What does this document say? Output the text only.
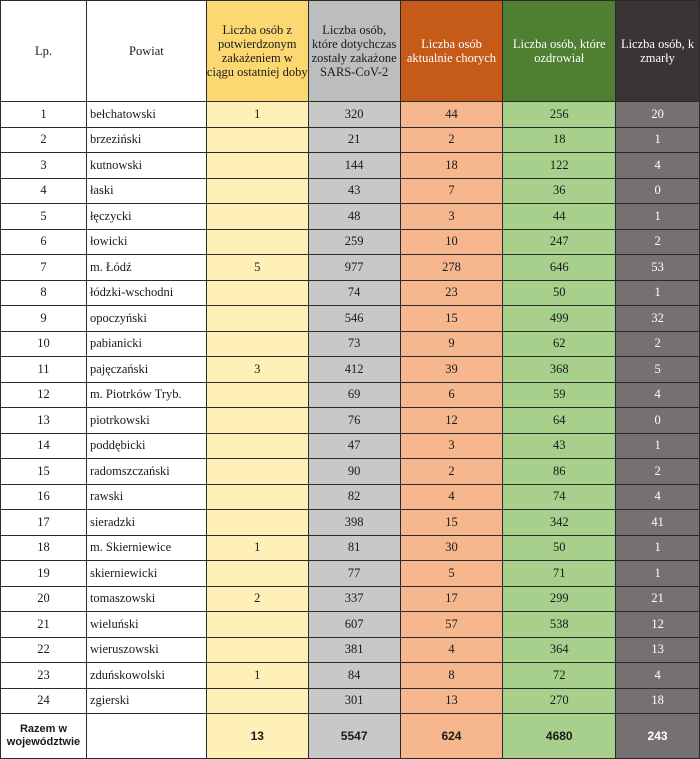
Lp.	Powiat	Liczba osób z potwierdzonym zakażeniem w ciągu ostatniej doby	Liczba osób, które dotychczas zostały zakażone SARS-CoV-2	Liczba osób aktualnie chorych	Liczba osób, które ozdrowiał	Liczba osób, k zmarły
1	bełchatowski	1	320	44	256	20
2	brzeziński		21	2	18	1
3	kutnowski		144	18	122	4
4	łaski		43	7	36	0
5	łęczycki		48	3	44	1
6	łowicki		259	10	247	2
7	m. Łódź	5	977	278	646	53
8	łódzki-wschodni		74	23	50	1
9	opoczyński		546	15	499	32
10	pabianicki		73	9	62	2
11	pajęczański	3	412	39	368	5
12	m. Piotrków Tryb.		69	6	59	4
13	piotrkowski		76	12	64	0
14	poddębicki		47	3	43	1
15	radomszczański		90	2	86	2
16	rawski		82	4	74	4
17	sieradzki		398	15	342	41
18	m. Skierniewice	1	81	30	50	1
19	skierniewicki		77	5	71	1
20	tomaszowski	2	337	17	299	21
21	wieluński		607	57	538	12
22	wieruszowski		381	4	364	13
23	zduńskowolski	1	84	8	72	4
24	zgierski		301	13	270	18
Razem w województwie		13	5547	624	4680	243
